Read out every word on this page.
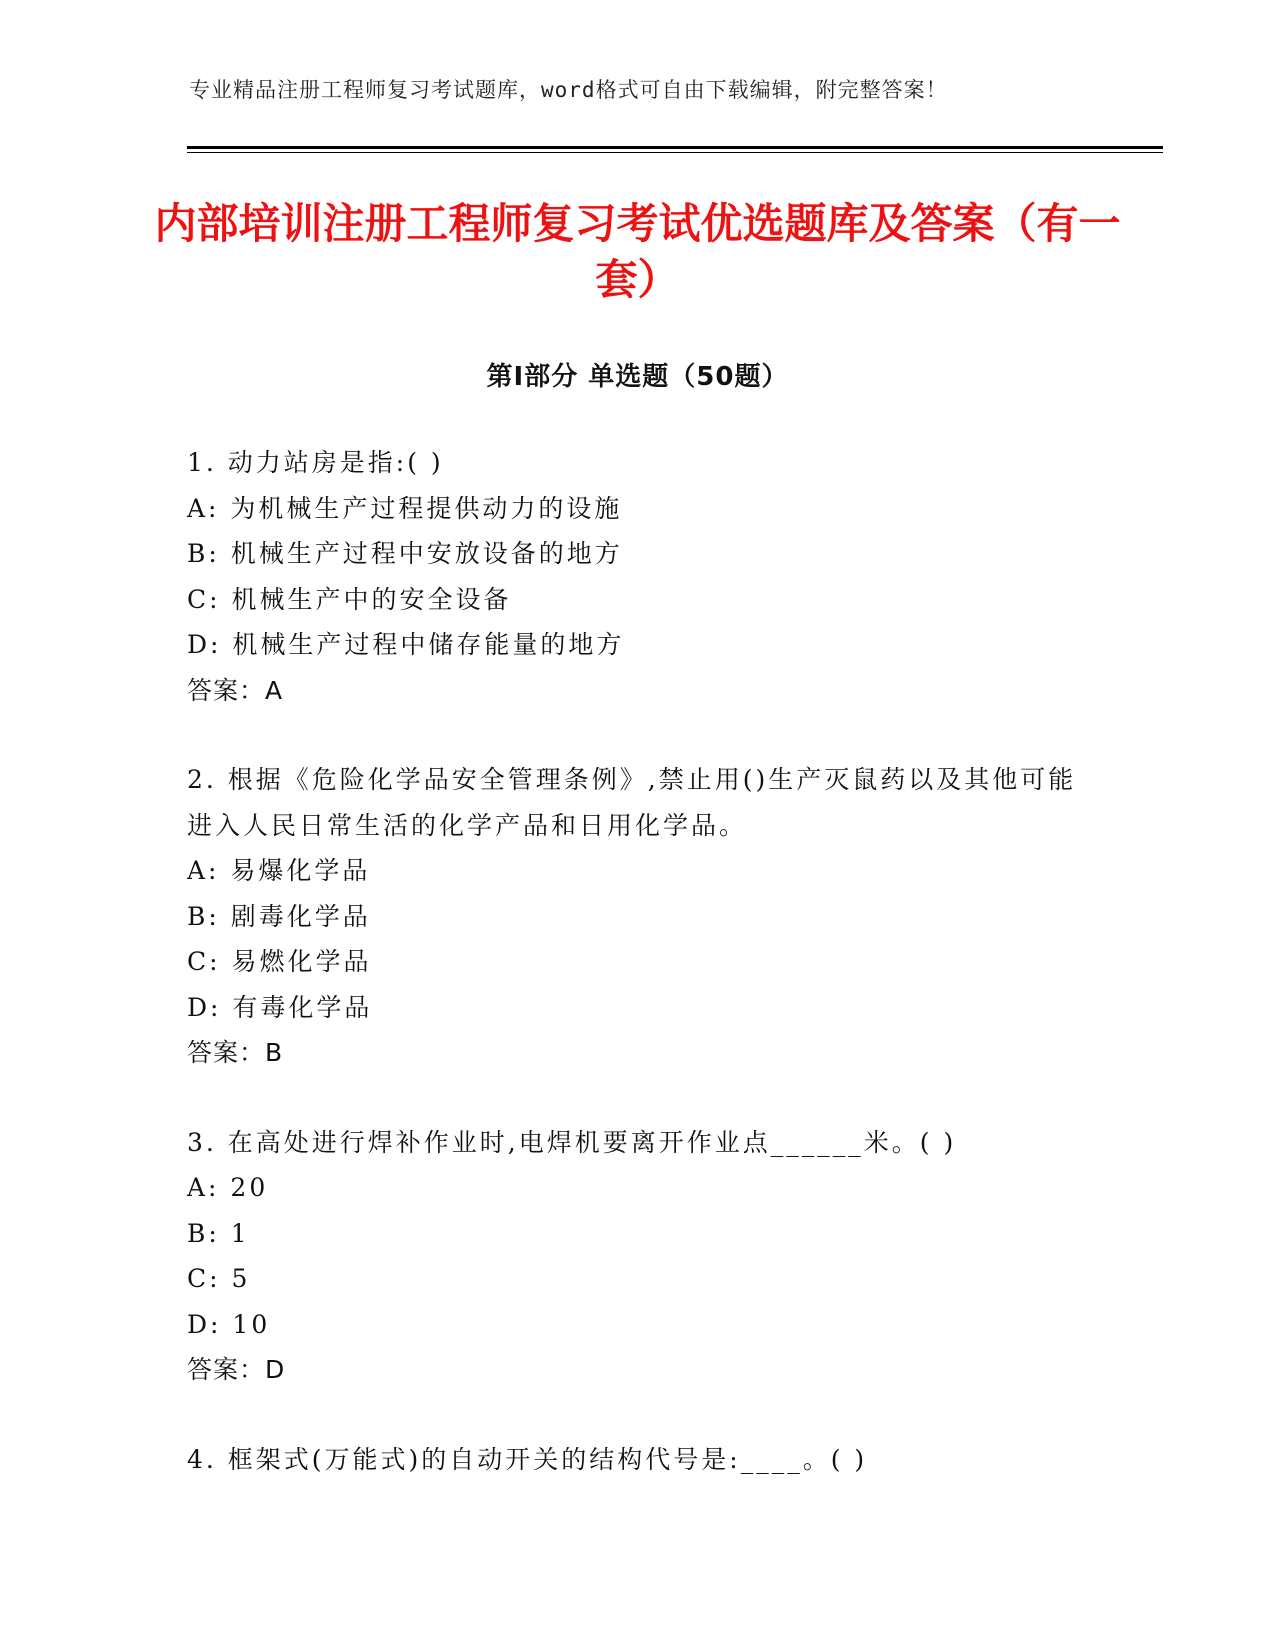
专业精品注册工程师复习考试题库，word格式可自由下载编辑，附完整答案！
内部培训注册工程师复习考试优选题库及答案（有一套）
第Ⅰ部分 单选题（50题）
1. 动力站房是指:( )
A: 为机械生产过程提供动力的设施
B: 机械生产过程中安放设备的地方
C: 机械生产中的安全设备
D: 机械生产过程中储存能量的地方
答案：A
2. 根据《危险化学品安全管理条例》,禁止用()生产灭鼠药以及其他可能进入人民日常生活的化学产品和日用化学品。
A: 易爆化学品
B: 剧毒化学品
C: 易燃化学品
D: 有毒化学品
答案：B
3. 在高处进行焊补作业时,电焊机要离开作业点______米。( )
A: 20
B: 1
C: 5
D: 10
答案：D
4. 框架式(万能式)的自动开关的结构代号是:____。( )
